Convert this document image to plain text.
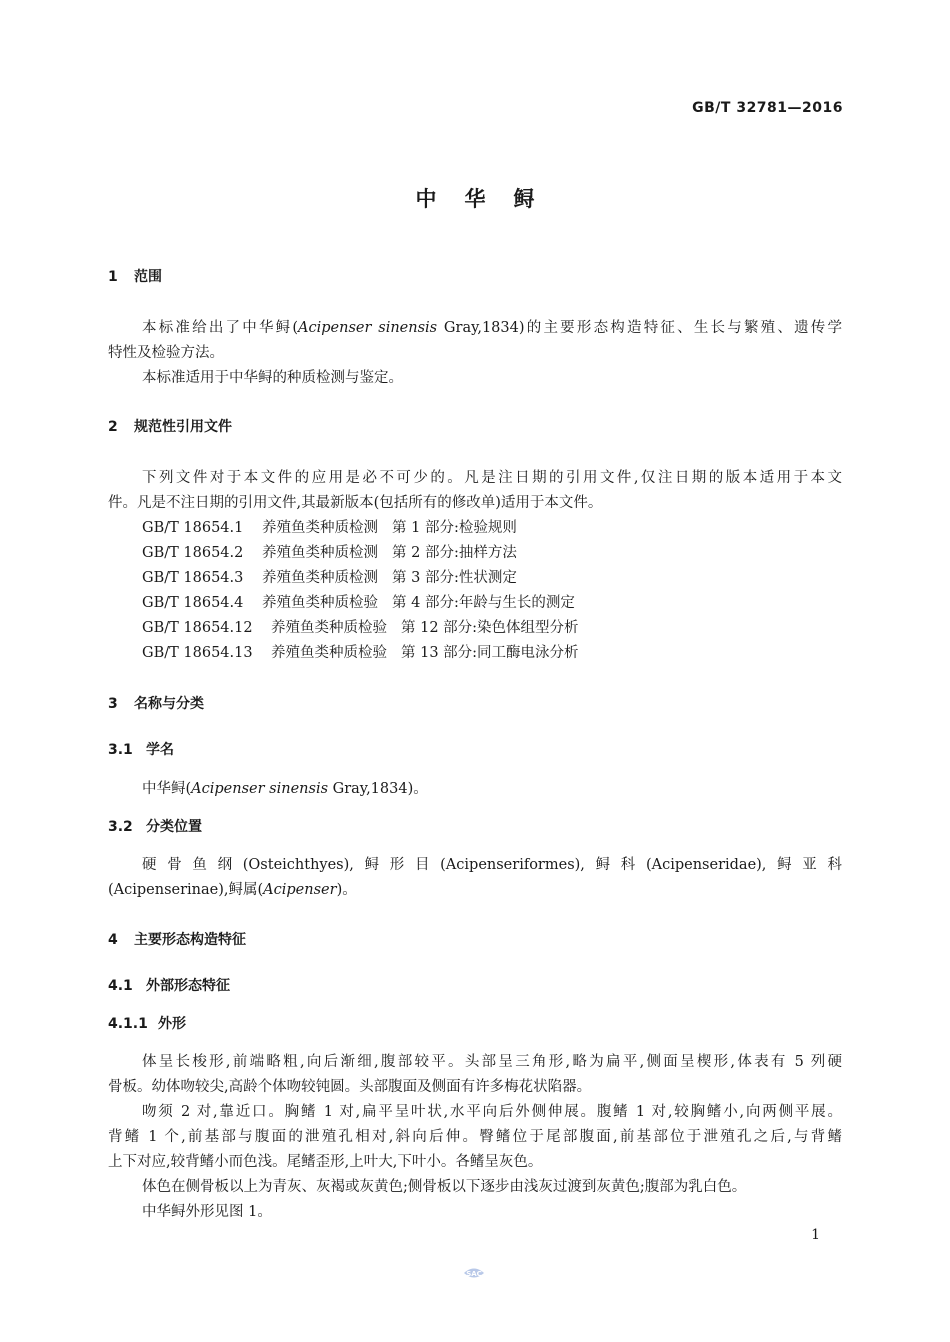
GB/T 32781—2016
中华鲟
1 范围
本标准给出了中华鲟(Acipenser sinensis Gray,1834)的主要形态构造特征、生长与繁殖、遗传学
特性及检验方法。
本标准适用于中华鲟的种质检测与鉴定。
2 规范性引用文件
下列文件对于本文件的应用是必不可少的。凡是注日期的引用文件,仅注日期的版本适用于本文
件。凡是不注日期的引用文件,其最新版本(包括所有的修改单)适用于本文件。
GB/T 18654.1 养殖鱼类种质检测 第 1 部分:检验规则
GB/T 18654.2 养殖鱼类种质检测 第 2 部分:抽样方法
GB/T 18654.3 养殖鱼类种质检测 第 3 部分:性状测定
GB/T 18654.4 养殖鱼类种质检验 第 4 部分:年龄与生长的测定
GB/T 18654.12 养殖鱼类种质检验 第 12 部分:染色体组型分析
GB/T 18654.13 养殖鱼类种质检验 第 13 部分:同工酶电泳分析
3 名称与分类
3.1 学名
中华鲟(Acipenser sinensis Gray,1834)。
3.2 分类位置
硬骨鱼纲(Osteichthyes),鲟形目(Acipenseriformes),鲟科(Acipenseridae),鲟亚科
(Acipenserinae),鲟属(Acipenser)。
4 主要形态构造特征
4.1 外部形态特征
4.1.1 外形
体呈长梭形,前端略粗,向后渐细,腹部较平。头部呈三角形,略为扁平,侧面呈楔形,体表有 5 列硬
骨板。幼体吻较尖,高龄个体吻较钝圆。头部腹面及侧面有许多梅花状陷器。
吻须 2 对,靠近口。胸鳍 1 对,扁平呈叶状,水平向后外侧伸展。腹鳍 1 对,较胸鳍小,向两侧平展。
背鳍 1 个,前基部与腹面的泄殖孔相对,斜向后伸。臀鳍位于尾部腹面,前基部位于泄殖孔之后,与背鳍
上下对应,较背鳍小而色浅。尾鳍歪形,上叶大,下叶小。各鳍呈灰色。
体色在侧骨板以上为青灰、灰褐或灰黄色;侧骨板以下逐步由浅灰过渡到灰黄色;腹部为乳白色。
中华鲟外形见图 1。
1
SAC
